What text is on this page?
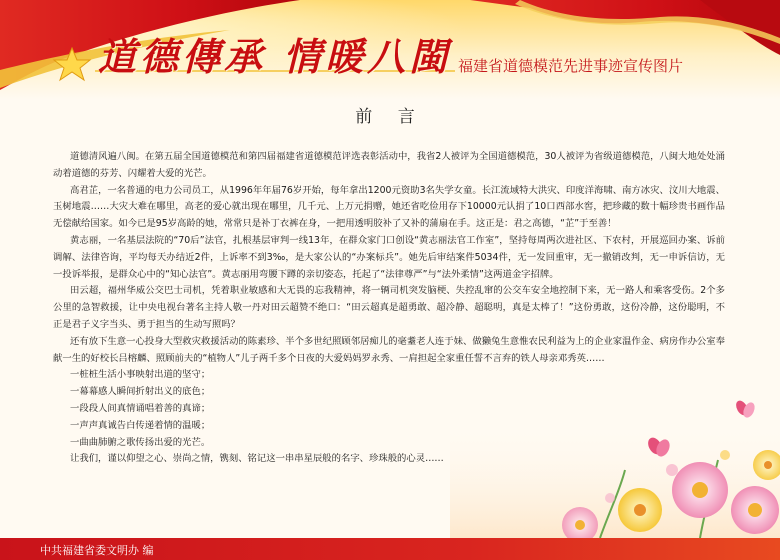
道德傳承 情暖八閩 福建省道德模范先进事迹宣传图片
前 言

道德清风遍八闽。在第五届全国道德模范和第四届福建省道德模范评选表彰活动中，我省2人被评为全国道德模范，30人被评为省级道德模范，八闽大地处处涌动着道德的芬芳、闪耀着大爱的光芒。

高君芷，一名普通的电力公司员工，从1996年年届76岁开始，每年拿出1200元资助3名失学女童。长江流域特大洪灾、印度洋海啸、南方冰灾、汶川大地震、玉树地震……大灾大难在哪里，高老的爱心就出现在哪里，几千元、上万元捐赠，她还省吃俭用存下10000元认捐了10口西部水窖，把珍藏的数十幅珍贵书画作品无偿献给国家。如今已是95岁高龄的她，常常只是补丁衣裤在身，一把用透明胶补了又补的蒲扇在手。这正是：君之高德，“芷”于至善！

黄志丽，一名基层法院的“70后”法官，扎根基层审判一线13年，在群众家门口创设“黄志丽法官工作室”，坚持每周两次进社区、下农村，开展巡回办案、诉前调解、法律咨询，平均每天办结近2件，上诉率不到3‰，是大家公认的“办案标兵”。她先后审结案件5034件，无一发回重审，无一撤销改判，无一申诉信访，无一投诉举报，是群众心中的“知心法官”。黄志丽用弯腰下蹲的亲切姿态，托起了“法律尊严”与“法外柔情”这两道金字招牌。

田云超，福州华威公交巴士司机，凭着职业敏感和大无畏的忘我精神，将一辆司机突发脑梗、失控乱窜的公交车安全地控制下来，无一路人和乘客受伤。2个多公里的急智救援，让中央电视台著名主持人敬一丹对田云超赞不绝口：“田云超真是超勇敢、超冷静、超聪明，真是太棒了！”这份勇敢，这份冷静，这份聪明，不正是君子义字当头、勇于担当的生动写照吗？

还有放下生意一心投身大型救灾救援活动的陈素珍、半个多世纪照顾邻居痴儿的毫耋老人连于妹、做獭兔生意惟农民利益为上的企业家温作金、病房作办公室奉献一生的好校长吕榕麟、照顾前夫的“植物人”儿子两千多个日夜的大爱妈妈罗永秀、一肩担起全家重任誓不言弃的铁人母亲邓秀英……

一桩桩生活小事映射出道的坚守；

一幕幕感人瞬间折射出义的底色；

一段段人间真情诵唱着善的真谛；

一声声真诚告白传递着情的温暖；

一曲曲肺腑之歌传扬出爱的光芒。

让我们，谨以仰望之心、崇尚之情，镌刻、铭记这一串串星辰般的名字、珍珠般的心灵……

中共福建省委文明办 编
